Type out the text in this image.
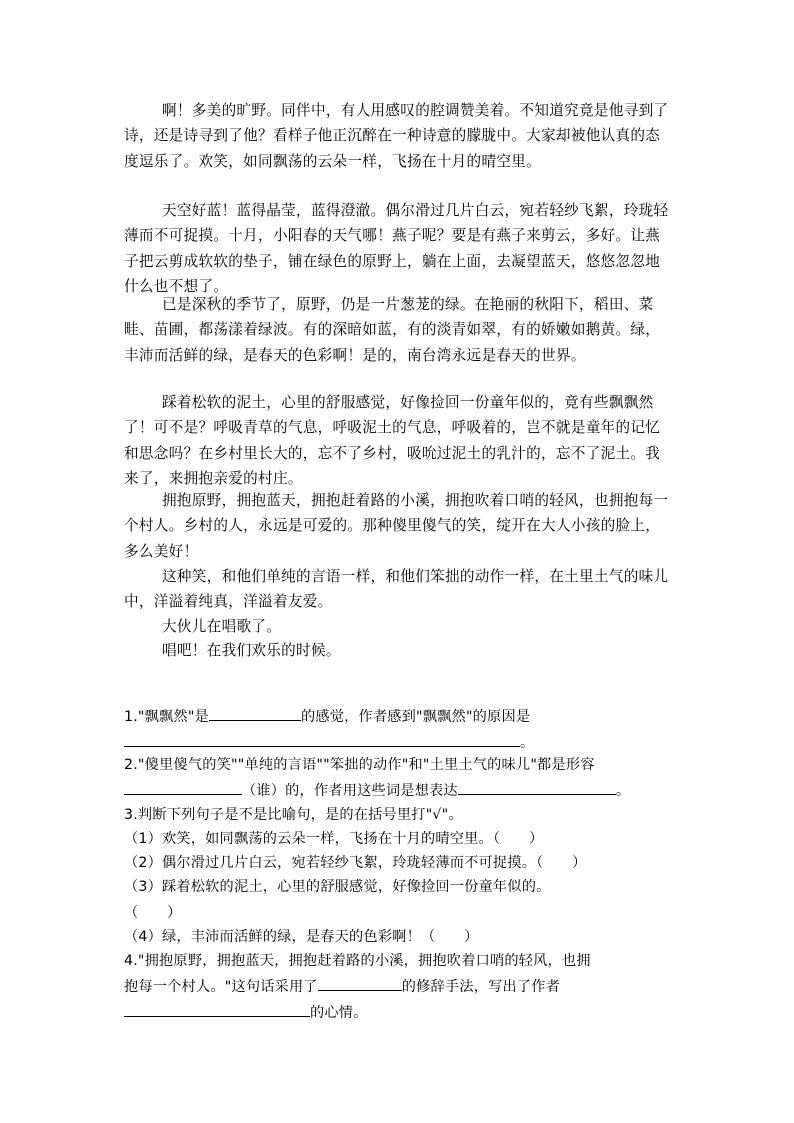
啊！多美的旷野。同伴中，有人用感叹的腔调赞美着。不知道究竟是他寻到了诗，还是诗寻到了他？看样子他正沉醉在一种诗意的朦胧中。大家却被他认真的态度逗乐了。欢笑，如同飘荡的云朵一样，飞扬在十月的晴空里。

天空好蓝！蓝得晶莹，蓝得澄澈。偶尔滑过几片白云，宛若轻纱飞絮，玲珑轻薄而不可捉摸。十月，小阳春的天气哪！燕子呢？要是有燕子来剪云，多好。让燕子把云剪成软软的垫子，铺在绿色的原野上，躺在上面，去凝望蓝天，悠悠忽忽地什么也不想了。

已是深秋的季节了，原野，仍是一片葱茏的绿。在艳丽的秋阳下，稻田、菜畦、苗圃，都荡漾着绿波。有的深暗如蓝，有的淡青如翠，有的娇嫩如鹅黄。绿，丰沛而活鲜的绿，是春天的色彩啊！是的，南台湾永远是春天的世界。

踩着松软的泥土，心里的舒服感觉，好像捡回一份童年似的，竟有些飘飘然了！可不是？呼吸青草的气息，呼吸泥土的气息，呼吸着的，岂不就是童年的记忆和思念吗？在乡村里长大的，忘不了乡村，吸吮过泥土的乳汁的，忘不了泥土。我来了，来拥抱亲爱的村庄。

拥抱原野，拥抱蓝天，拥抱赶着路的小溪，拥抱吹着口哨的轻风，也拥抱每一个村人。乡村的人，永远是可爱的。那种傻里傻气的笑，绽开在大人小孩的脸上，多么美好！

这种笑，和他们单纯的言语一样，和他们笨拙的动作一样，在土里土气的味儿中，洋溢着纯真，洋溢着友爱。

大伙儿在唱歌了。

唱吧！在我们欢乐的时候。

1."飘飘然"是	的感觉，作者感到"飘飘然"的原因是
。
2."傻里傻气的笑""单纯的言语""笨拙的动作"和"土里土气的味儿"都是形容
（谁）的，作者用这些词是想表达	。
3.判断下列句子是不是比喻句，是的在括号里打"√"。
（1）欢笑，如同飘荡的云朵一样，飞扬在十月的晴空里。（　　）
（2）偶尔滑过几片白云，宛若轻纱飞絮，玲珑轻薄而不可捉摸。（　　）
（3）踩着松软的泥土，心里的舒服感觉，好像捡回一份童年似的。
（　　）
（4）绿，丰沛而活鲜的绿，是春天的色彩啊！（　　）
4."拥抱原野，拥抱蓝天，拥抱赶着路的小溪，拥抱吹着口哨的轻风，也拥
抱每一个村人。"这句话采用了	的修辞手法，写出了作者
的心情。
